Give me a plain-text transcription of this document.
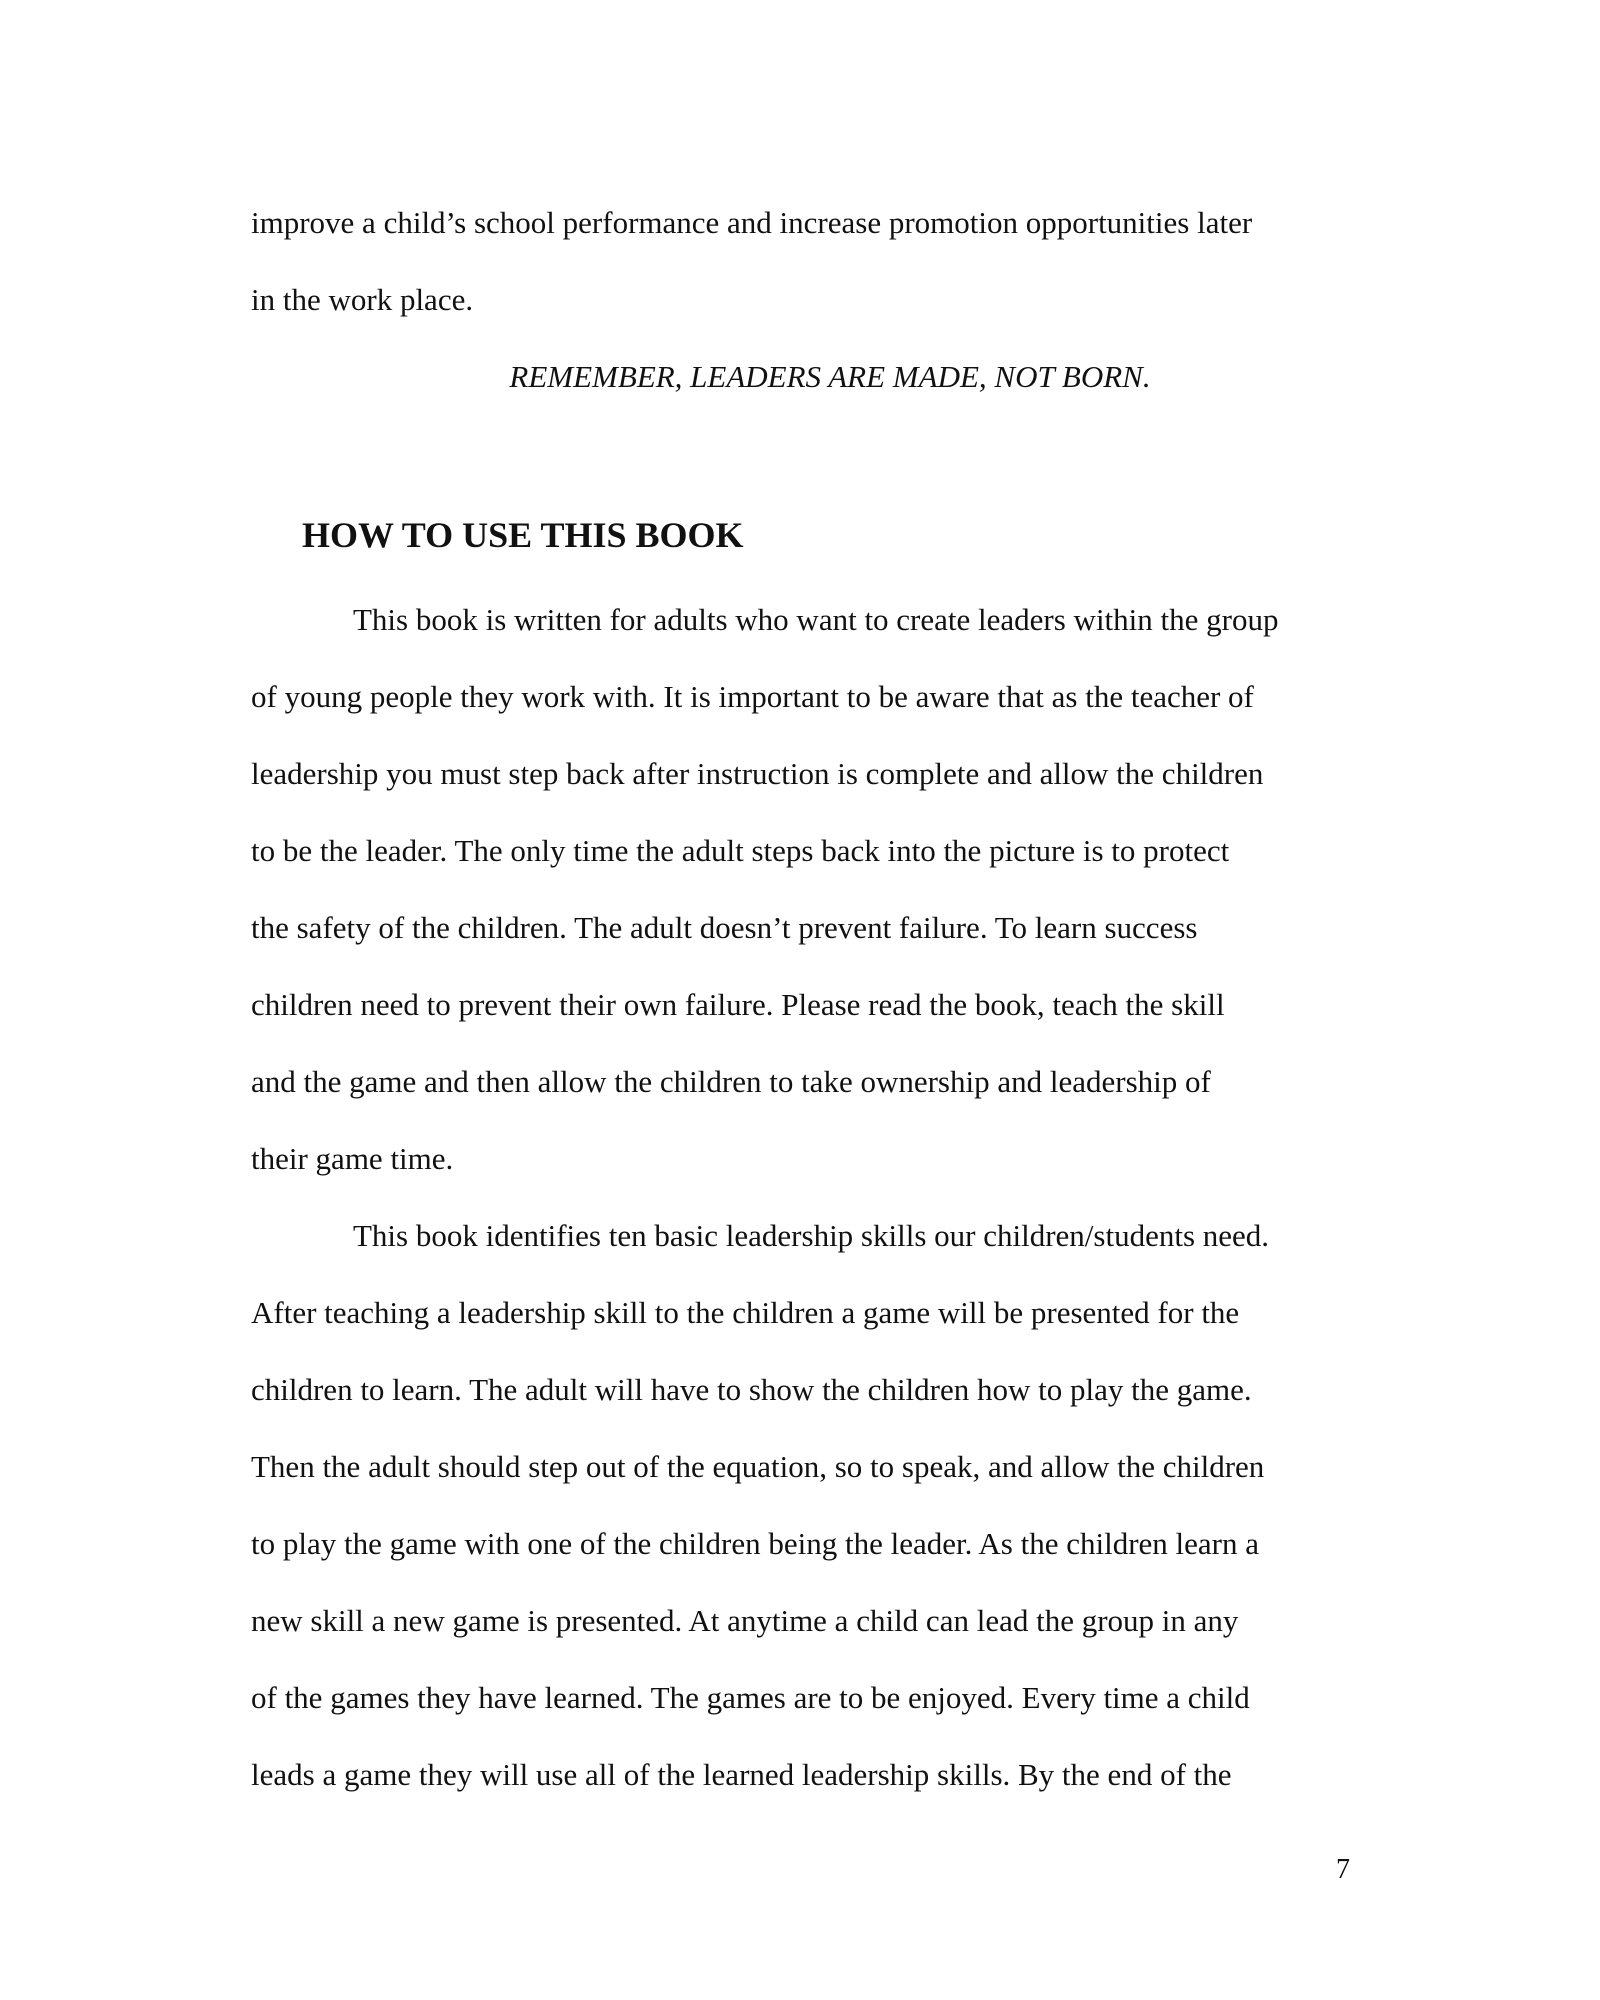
improve a child’s school performance and increase promotion opportunities later

in the work place.

REMEMBER, LEADERS ARE MADE, NOT BORN.

HOW TO USE THIS BOOK

This book is written for adults who want to create leaders within the group

of young people they work with. It is important to be aware that as the teacher of

leadership you must step back after instruction is complete and allow the children

to be the leader. The only time the adult steps back into the picture is to protect

the safety of the children. The adult doesn’t prevent failure. To learn success

children need to prevent their own failure. Please read the book, teach the skill

and the game and then allow the children to take ownership and leadership of

their game time.

This book identifies ten basic leadership skills our children/students need.

After teaching a leadership skill to the children a game will be presented for the

children to learn. The adult will have to show the children how to play the game.

Then the adult should step out of the equation, so to speak, and allow the children

to play the game with one of the children being the leader. As the children learn a

new skill a new game is presented. At anytime a child can lead the group in any

of the games they have learned. The games are to be enjoyed. Every time a child

leads a game they will use all of the learned leadership skills. By the end of the

7
